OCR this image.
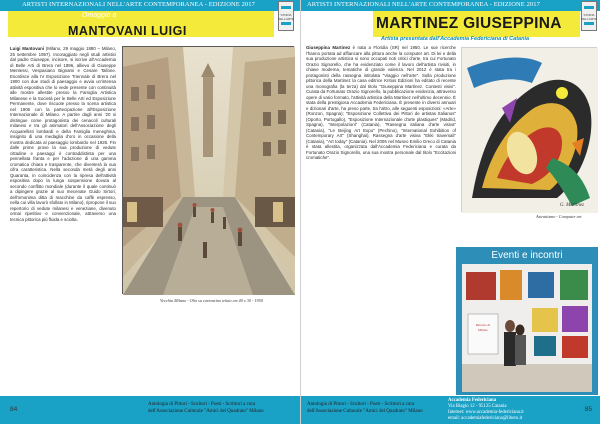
ARTISTI INTERNAZIONALI NELL'ARTE CONTEMPORANEA - EDIZIONE 2017
Omaggio a
MANTOVANI LUIGI
STORIA
DELL'ARTE
Luigi Mantovani (Milano, 29 maggio 1880 – Milano, 25 settembre 1957). Incoraggiato negli studi artistici dal padre Giuseppe, incisore, si iscrive all'Accademia di Belle Arti di Brera nel 1896, allievo di Giuseppe Mentessi, Vespasiano Bignami e Cesare Tallone. Esordisce alla IV Esposizione Triennale di Brera nel 1900 con due studi di paesaggio e avvia un'intensa attività espositiva che lo vede presente con continuità alle mostre allestite presso la Famiglia Artistica Milanese e la Società per le Belle Arti ed Esposizione Permanente, dove riscuote presso la scena artistica nel 1906 con la partecipazione all'Esposizione Internazionale di Milano. A partire dagli anni '20 si distingue come protagonista dei cenacoli culturali milanesi e tra gli animatori dell'Associazione degli Acquarellisti lombardi e della Famiglia meneghina, insignito di una medaglia d'oro in occasione della mostra dedicata al paesaggio lombardo nel 1926. Fin dalle prime prove la sua produzione di vedute cittadine e paesaggi è contraddistinta per una pennellata franta e per l'adozione di una gamma cromatica chiara e trasparente, che diventerà la sua cifra caratteristica. Nella seconda metà degli anni Quaranta, in coincidenza con la ripresa dell'attività espositiva dopo la lunga sospensione dovuta al secondo conflitto mondiale (durante il quale continuò a dipingere grazie al suo mecenate Guido Sirtori, dell'omonima ditta di macchine da caffè espresso, nella cui villa lavorò sfollato in Milano), ripropone il suo repertorio di vedute milanesi e veneziane, divenuto ormai ripetitivo e convenzionale, attraverso una tecnica pittorica più fluida e sciolta.
Vecchia Milano - Olio su cartoncino telato cm 40 x 30 - 1950
84
Antologia di Pittori - Scultori - Poeti - Scrittori a cura
dell'Associazione Culturale "Amici del Quadrato" Milano
ARTISTI INTERNAZIONALI NELL'ARTE CONTEMPORANEA - EDIZIONE 2017
MARTINEZ GIUSEPPINA
Artista presentata dall'Accademia Federiciana di Catania
STORIA
DELL'ARTE
Giuseppina Martinez è nata a Floridia (SR) nel 1950. Le sue ricerche l'hanno portata ad affiancare alla pittura anche la computer art. Di lei e della sua produzione artistica si sono occupati noti critici d'arte, tra cui Fortunato Orazio Signorello, che ha evidenziato come il lavoro dell'artista rivisiti, in chiave moderna, tematiche di grande valenza. Nel 2012 è stata tra i protagonisti della rassegna intitolata "Viaggio nell'arte". Sulla produzione pittorica della Martinez la casa editrice Kritios Edizioni ha editato di recente una monografia (la terza) dal titolo "Giuseppina Martinez. Contesti visivi". Curata da Fortunato Orazio Signorello, la pubblicazione evidenzia, attraverso opere di vario formato, l'attività artistica della Martinez nell'ultimo decennio. È stata della prestigiosa Accademia Federiciana. È presente in diversi annuari e dizionari d'arte, ha preso parte, tra l'altro, alle seguenti esposizioni: «Arte» (Ronzon, Spagna); "Esposizione Collettiva dei Pittori de artistas Italianos" (Oporto, Portogallo), "Esposizione Internazionale d'arte plastiques" (Madrid, Spagna), "Interpolazioni" (Catania), "Rassegna italiana d'arte visiva" (Catania), "Le Beijing Art Expo" (Pechino), "International Exhibition of Contemporary Art" (Shanghai), Rassegna d'arte visiva "Ekki traversali" (Catania), "Art today" (Catania). Nel 2005 nel Museo Emilio Greco di Catania è stata allestita, organizzata dall'Accademia Federiciana e curata da Fortunato Orazio Signorello, una sua mostra personale dal titolo "Eccitazioni cromatiche".
G. Martinez
Astrattismo - Computer art
Eventi e incontri
Ritratto di
Milano
Antologia di Pittori - Scultori - Poeti - Scrittori a cura
dell'Associazione Culturale "Amici del Quadrato" Milano
Accademia Federiciana
Via Biagio 12 - 95125 Catania
Internet: www.accademia-federiciana.it
email: accademiafedericiana@libero.it
85
